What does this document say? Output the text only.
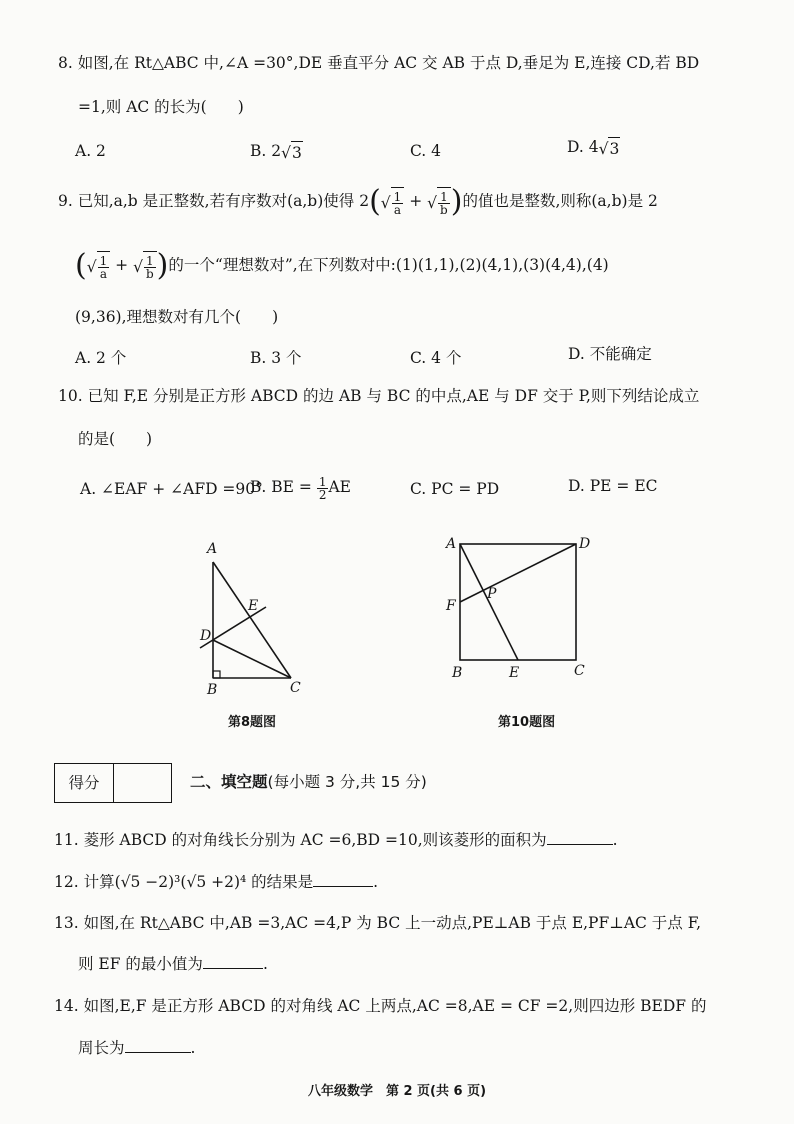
8. 如图,在 Rt△ABC 中,∠A =30°,DE 垂直平分 AC 交 AB 于点 D,垂足为 E,连接 CD,若 BD
=1,则 AC 的长为(　　)
A. 2	B. 2√3	C. 4	D. 4√3
9. 已知,a,b 是正整数,若有序数对(a,b)使得 $2(√ \frac{1}{a}$ + √ $\frac{1}{b}$ )的值也是整数,则称(a,b)是 2
(√ $\frac{1}{a}$ + √ $\frac{1}{b}$ )的一个“理想数对”,在下列数对中:(1)(1,1),(2)(4,1),(3)(4,4),(4)
(9,36),理想数对有几个(　　)
A. 2 个	B. 3 个	C. 4 个	D. 不能确定
10. 已知 F,E 分别是正方形 ABCD 的边 AB 与 BC 的中点,AE 与 DF 交于 P,则下列结论成立
的是(　　)
A. ∠EAF + ∠AFD =90°
B. BE = $\frac{1}{2}$ AE	C. PC = PD	D. PE = EC
A
E
D
B	C
第8题图
A	D
F
P
B	E	C
第10题图
得分	二、填空题(每小题 3 分,共 15 分)
11. 菱形 ABCD 的对角线长分别为 AC =6,BD =10,则该菱形的面积为	.
12. 计算(√5 −2)³(√5 +2)⁴ 的结果是	.
13. 如图,在 Rt△ABC 中,AB =3,AC =4,P 为 BC 上一动点,PE⊥AB 于点 E,PF⊥AC 于点 F,
则 EF 的最小值为	.
14. 如图,E,F 是正方形 ABCD 的对角线 AC 上两点,AC =8,AE = CF =2,则四边形 BEDF 的
周长为	.
八年级数学　第 2 页(共 6 页)
